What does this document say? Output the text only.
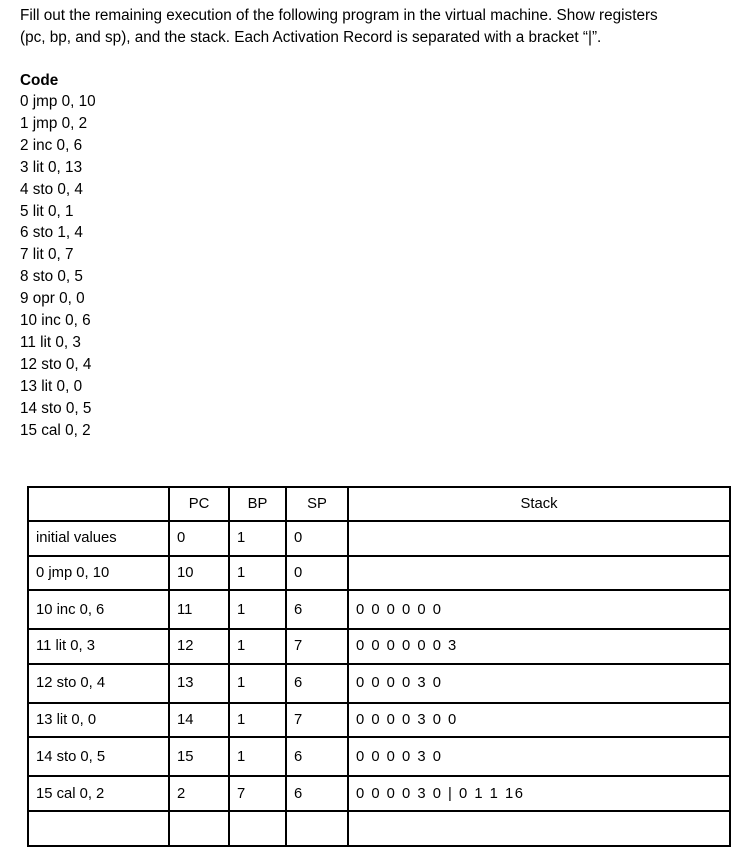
Fill out the remaining execution of the following program in the virtual machine. Show registers
(pc, bp, and sp), and the stack. Each Activation Record is separated with a bracket “|”.
Code
0 jmp 0, 10
1 jmp 0, 2
2 inc 0, 6
3 lit 0, 13
4 sto 0, 4
5 lit 0, 1
6 sto 1, 4
7 lit 0, 7
8 sto 0, 5
9 opr 0, 0
10 inc 0, 6
11 lit 0, 3
12 sto 0, 4
13 lit 0, 0
14 sto 0, 5
15 cal 0, 2
	PC	BP	SP	Stack
initial values	0	1	0	
0 jmp 0, 10	10	1	0	
10 inc 0, 6	11	1	6	0 0 0 0 0 0
11 lit 0, 3	12	1	7	0 0 0 0 0 0 3
12 sto 0, 4	13	1	6	0 0 0 0 3 0
13 lit 0, 0	14	1	7	0 0 0 0 3 0 0
14 sto 0, 5	15	1	6	0 0 0 0 3 0
15 cal 0, 2	2	7	6	0 0 0 0 3 0 | 0 1 1 16
